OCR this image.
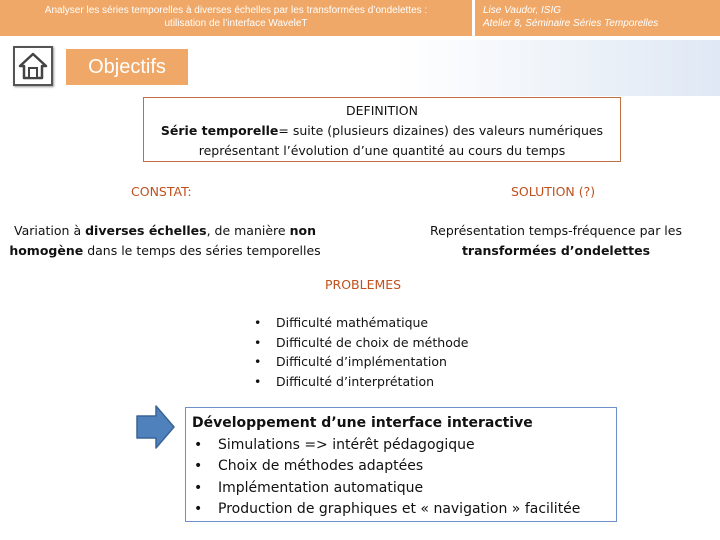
Analyser les séries temporelles à diverses échelles par les transformées d’ondelettes :
utilisation de l’interface WaveleT
Lise Vaudor, ISIG
Atelier 8, Séminaire Séries Temporelles
Objectifs
DEFINITION
Série temporelle= suite (plusieurs dizaines) des valeurs numériques
représentant l’évolution d’une quantité au cours du temps
CONSTAT:	SOLUTION (?)
Variation à diverses échelles, de manière non
homogène dans le temps des séries temporelles
Représentation temps-fréquence par les
transformées d’ondelettes
PROBLEMES
• Difficulté mathématique
• Difficulté de choix de méthode
• Difficulté d’implémentation
• Difficulté d’interprétation
Développement d’une interface interactive
• Simulations => intérêt pédagogique
• Choix de méthodes adaptées
• Implémentation automatique
• Production de graphiques et « navigation » facilitée
